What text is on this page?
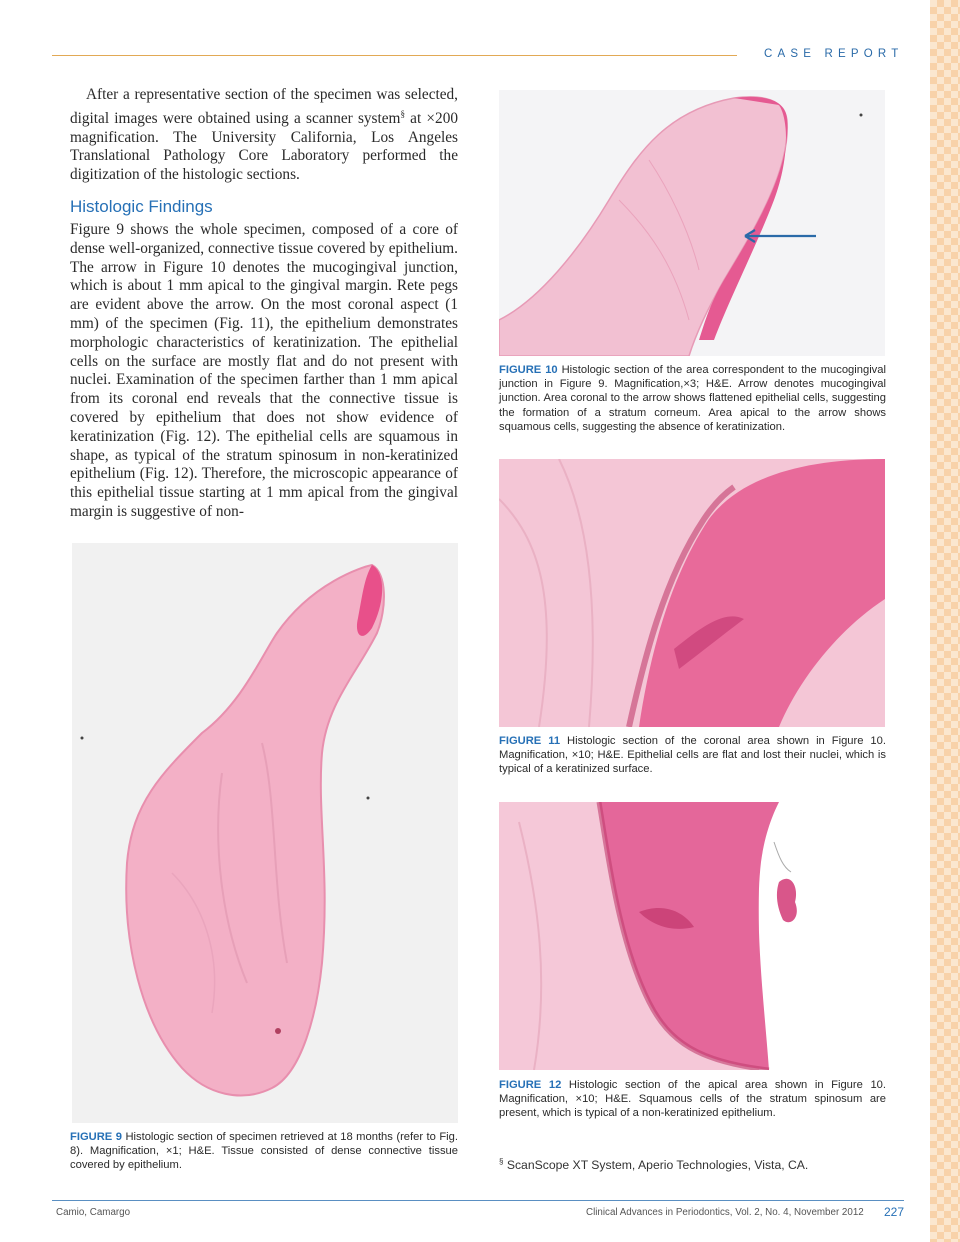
CASE REPORT
After a representative section of the specimen was selected, digital images were obtained using a scanner system§ at ×200 magnification. The University California, Los Angeles Translational Pathology Core Laboratory performed the digitization of the histologic sections.
Histologic Findings
Figure 9 shows the whole specimen, composed of a core of dense well-organized, connective tissue covered by epithelium. The arrow in Figure 10 denotes the mucogingival junction, which is about 1 mm apical to the gingival margin. Rete pegs are evident above the arrow. On the most coronal aspect (1 mm) of the specimen (Fig. 11), the epithelium demonstrates morphologic characteristics of keratinization. The epithelial cells on the surface are mostly flat and do not present with nuclei. Examination of the specimen farther than 1 mm apical from its coronal end reveals that the connective tissue is covered by epithelium that does not show evidence of keratinization (Fig. 12). The epithelial cells are squamous in shape, as typical of the stratum spinosum in non-keratinized epithelium (Fig. 12). Therefore, the microscopic appearance of this epithelial tissue starting at 1 mm apical from the gingival margin is suggestive of non-
FIGURE 10 Histologic section of the area correspondent to the mucogingival junction in Figure 9. Magnification,×3; H&E. Arrow denotes mucogingival junction. Area coronal to the arrow shows flattened epithelial cells, suggesting the formation of a stratum corneum. Area apical to the arrow shows squamous cells, suggesting the absence of keratinization.
FIGURE 11 Histologic section of the coronal area shown in Figure 10. Magnification, ×10; H&E. Epithelial cells are flat and lost their nuclei, which is typical of a keratinized surface.
FIGURE 12 Histologic section of the apical area shown in Figure 10. Magnification, ×10; H&E. Squamous cells of the stratum spinosum are present, which is typical of a non-keratinized epithelium.
FIGURE 9 Histologic section of specimen retrieved at 18 months (refer to Fig. 8). Magnification, ×1; H&E. Tissue consisted of dense connective tissue covered by epithelium.	§ ScanScope XT System, Aperio Technologies, Vista, CA.
Camio, Camargo	Clinical Advances in Periodontics, Vol. 2, No. 4, November 2012 227
